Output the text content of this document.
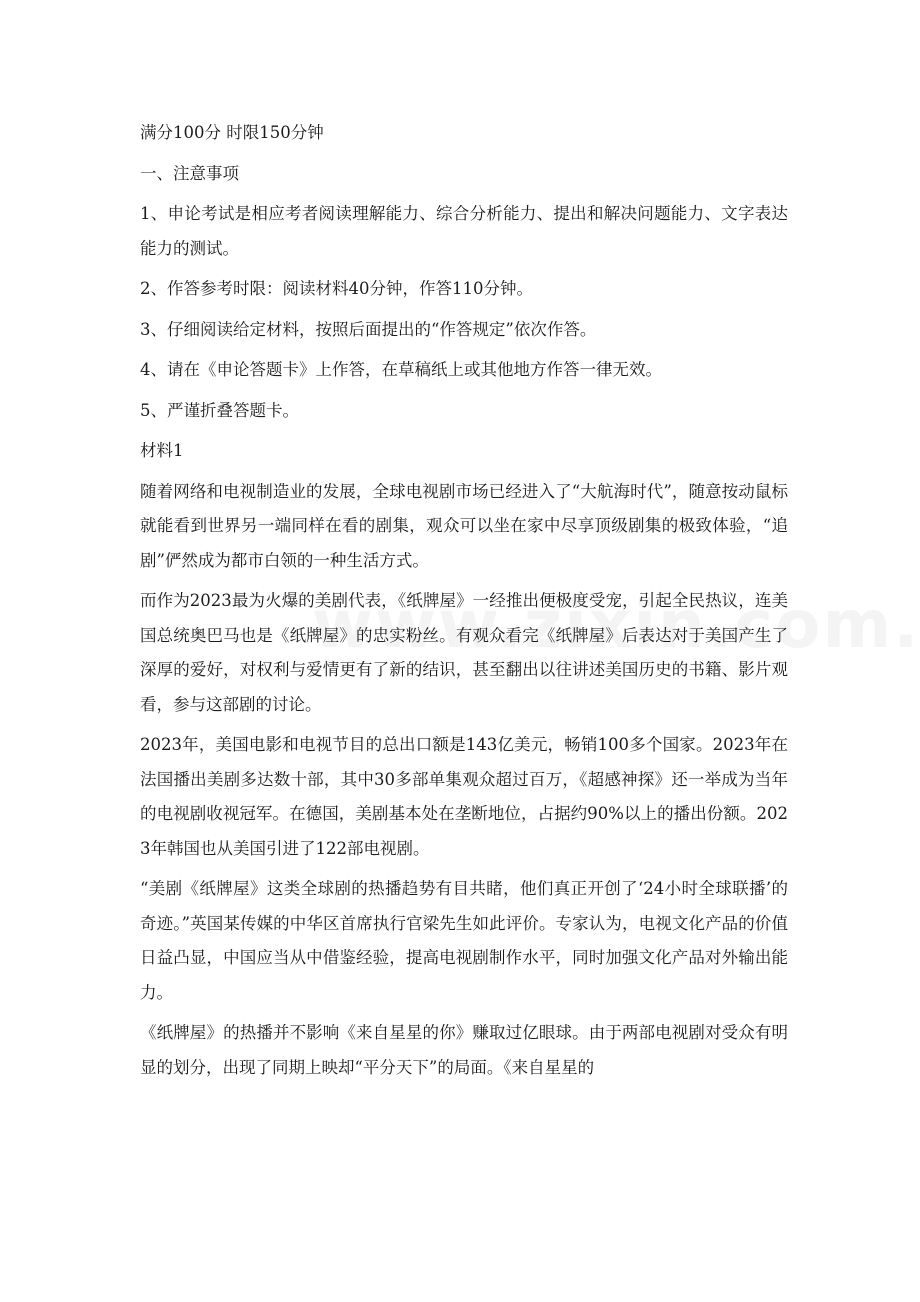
满分100分 时限150分钟

一、注意事项

1、申论考试是相应考者阅读理解能力、综合分析能力、提出和解决问题能力、文字表达能力的测试。

2、作答参考时限：阅读材料40分钟，作答110分钟。

3、仔细阅读给定材料，按照后面提出的“作答规定”依次作答。

4、请在《申论答题卡》上作答，在草稿纸上或其他地方作答一律无效。

5、严谨折叠答题卡。

材料1

随着网络和电视制造业的发展，全球电视剧市场已经进入了“大航海时代”，随意按动鼠标就能看到世界另一端同样在看的剧集，观众可以坐在家中尽享顶级剧集的极致体验，“追剧”俨然成为都市白领的一种生活方式。

而作为2023最为火爆的美剧代表，《纸牌屋》一经推出便极度受宠，引起全民热议，连美国总统奥巴马也是《纸牌屋》的忠实粉丝。有观众看完《纸牌屋》后表达对于美国产生了深厚的爱好，对权利与爱情更有了新的结识，甚至翻出以往讲述美国历史的书籍、影片观看，参与这部剧的讨论。

2023年，美国电影和电视节目的总出口额是143亿美元，畅销100多个国家。2023年在法国播出美剧多达数十部，其中30多部单集观众超过百万，《超感神探》还一举成为当年的电视剧收视冠军。在德国，美剧基本处在垄断地位，占据约90%以上的播出份额。2023年韩国也从美国引进了122部电视剧。

“美剧《纸牌屋》这类全球剧的热播趋势有目共睹，他们真正开创了‘24小时全球联播’的奇迹。”英国某传媒的中华区首席执行官梁先生如此评价。专家认为，电视文化产品的价值日益凸显，中国应当从中借鉴经验，提高电视剧制作水平，同时加强文化产品对外输出能力。

《纸牌屋》的热播并不影响《来自星星的你》赚取过亿眼球。由于两部电视剧对受众有明显的划分，出现了同期上映却“平分天下”的局面。《来自星星的
